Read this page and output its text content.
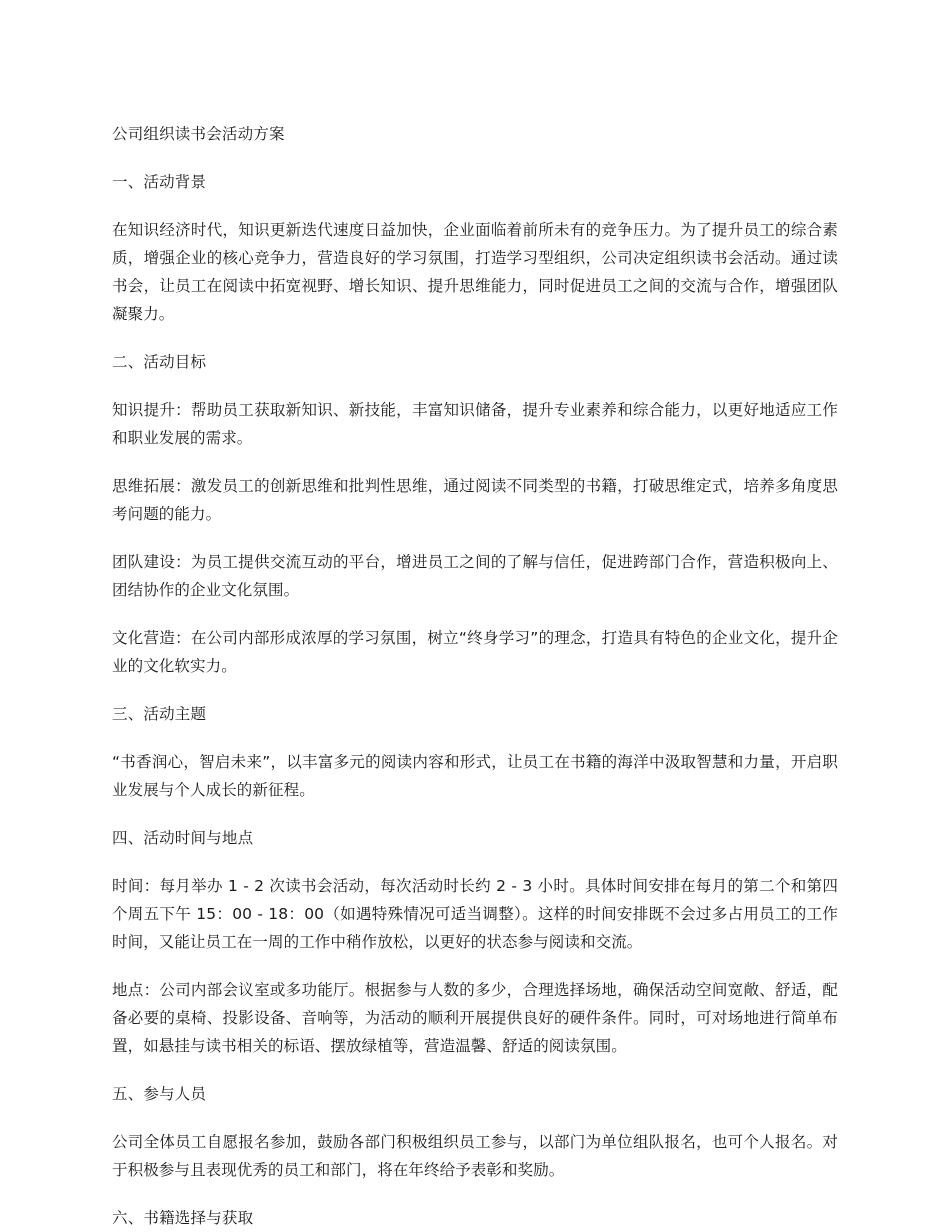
公司组织读书会活动方案
一、活动背景

在知识经济时代，知识更新迭代速度日益加快，企业面临着前所未有的竞争压力。为了提升员工的综合素质，增强企业的核心竞争力，营造良好的学习氛围，打造学习型组织，公司决定组织读书会活动。通过读书会，让员工在阅读中拓宽视野、增长知识、提升思维能力，同时促进员工之间的交流与合作，增强团队凝聚力。

二、活动目标

知识提升：帮助员工获取新知识、新技能，丰富知识储备，提升专业素养和综合能力，以更好地适应工作和职业发展的需求。

思维拓展：激发员工的创新思维和批判性思维，通过阅读不同类型的书籍，打破思维定式，培养多角度思考问题的能力。

团队建设：为员工提供交流互动的平台，增进员工之间的了解与信任，促进跨部门合作，营造积极向上、团结协作的企业文化氛围。

文化营造：在公司内部形成浓厚的学习氛围，树立“终身学习”的理念，打造具有特色的企业文化，提升企业的文化软实力。

三、活动主题

“书香润心，智启未来”，以丰富多元的阅读内容和形式，让员工在书籍的海洋中汲取智慧和力量，开启职业发展与个人成长的新征程。

四、活动时间与地点

时间：每月举办 1 - 2 次读书会活动，每次活动时长约 2 - 3 小时。具体时间安排在每月的第二个和第四个周五下午 15：00 - 18：00（如遇特殊情况可适当调整）。这样的时间安排既不会过多占用员工的工作时间，又能让员工在一周的工作中稍作放松，以更好的状态参与阅读和交流。

地点：公司内部会议室或多功能厅。根据参与人数的多少，合理选择场地，确保活动空间宽敞、舒适，配备必要的桌椅、投影设备、音响等，为活动的顺利开展提供良好的硬件条件。同时，可对场地进行简单布置，如悬挂与读书相关的标语、摆放绿植等，营造温馨、舒适的阅读氛围。

五、参与人员

公司全体员工自愿报名参加，鼓励各部门积极组织员工参与，以部门为单位组队报名，也可个人报名。对于积极参与且表现优秀的员工和部门，将在年终给予表彰和奖励。

六、书籍选择与获取
